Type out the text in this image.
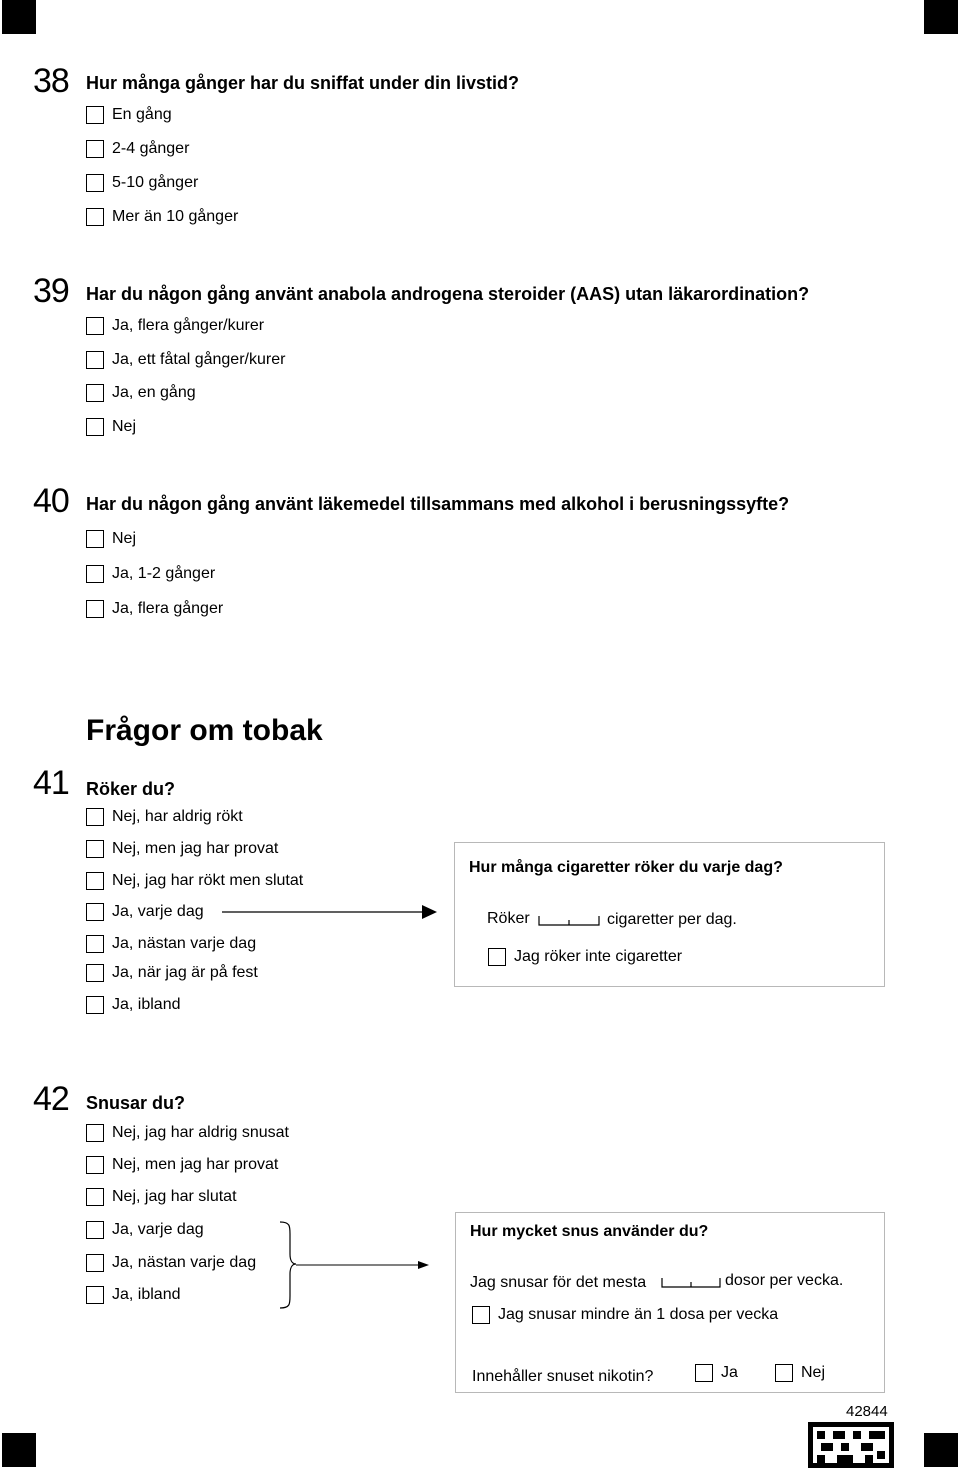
38 Hur många gånger har du sniffat under din livstid?
En gång
2-4 gånger
5-10 gånger
Mer än 10 gånger
39 Har du någon gång använt anabola androgena steroider (AAS) utan läkarordination?
Ja, flera gånger/kurer
Ja, ett fåtal gånger/kurer
Ja, en gång
Nej
40 Har du någon gång använt läkemedel tillsammans med alkohol i berusningssyfte?
Nej
Ja, 1-2 gånger
Ja, flera gånger
Frågor om tobak
41 Röker du?
Nej, har aldrig rökt
Nej, men jag har provat
Nej, jag har rökt men slutat
Ja, varje dag
Ja, nästan varje dag
Ja, när jag är på fest
Ja, ibland
Hur många cigaretter röker du varje dag?
Röker	cigaretter per dag.
Jag röker inte cigaretter
42 Snusar du?
Nej, jag har aldrig snusat
Nej, men jag har provat
Nej, jag har slutat
Ja, varje dag
Ja, nästan varje dag
Ja, ibland
Hur mycket snus använder du?
Jag snusar för det mesta	dosor per vecka.
Jag snusar mindre än 1 dosa per vecka
Innehåller snuset nikotin?	Ja	Nej
42844
